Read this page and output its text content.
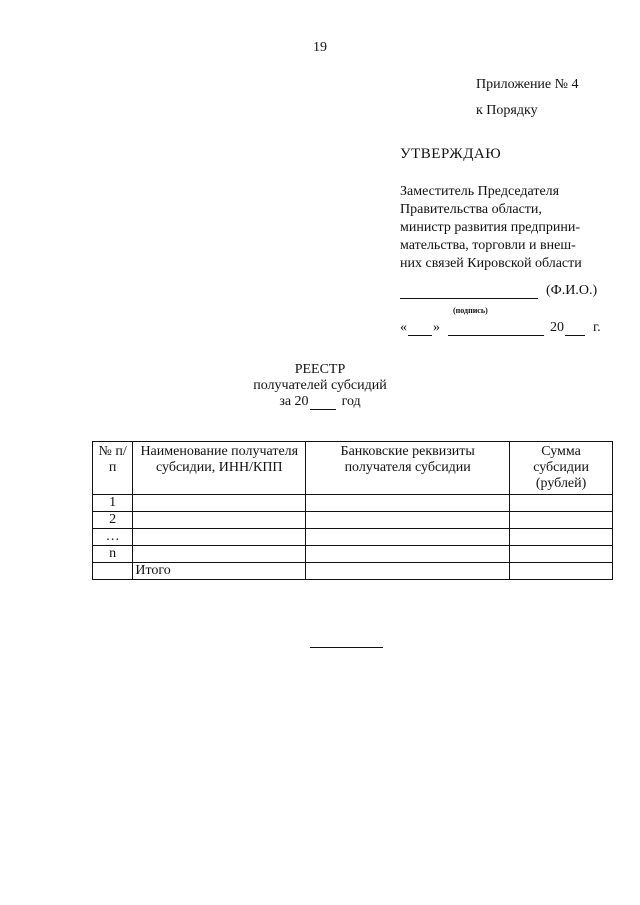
19
Приложение № 4
к Порядку
УТВЕРЖДАЮ
Заместитель Председателя
Правительства области,
министр развития предприни-
мательства, торговли и внеш-
них связей Кировской области
(Ф.И.О.)
(подпись)
« »	20 г.
РЕЕСТР
получателей субсидий
за 20 год
№ п/п	Наименование получателя субсидии, ИНН/КПП	Банковские реквизиты получателя субсидии	Сумма субсидии (рублей)
1			
2			
…			
n			
	Итого		
